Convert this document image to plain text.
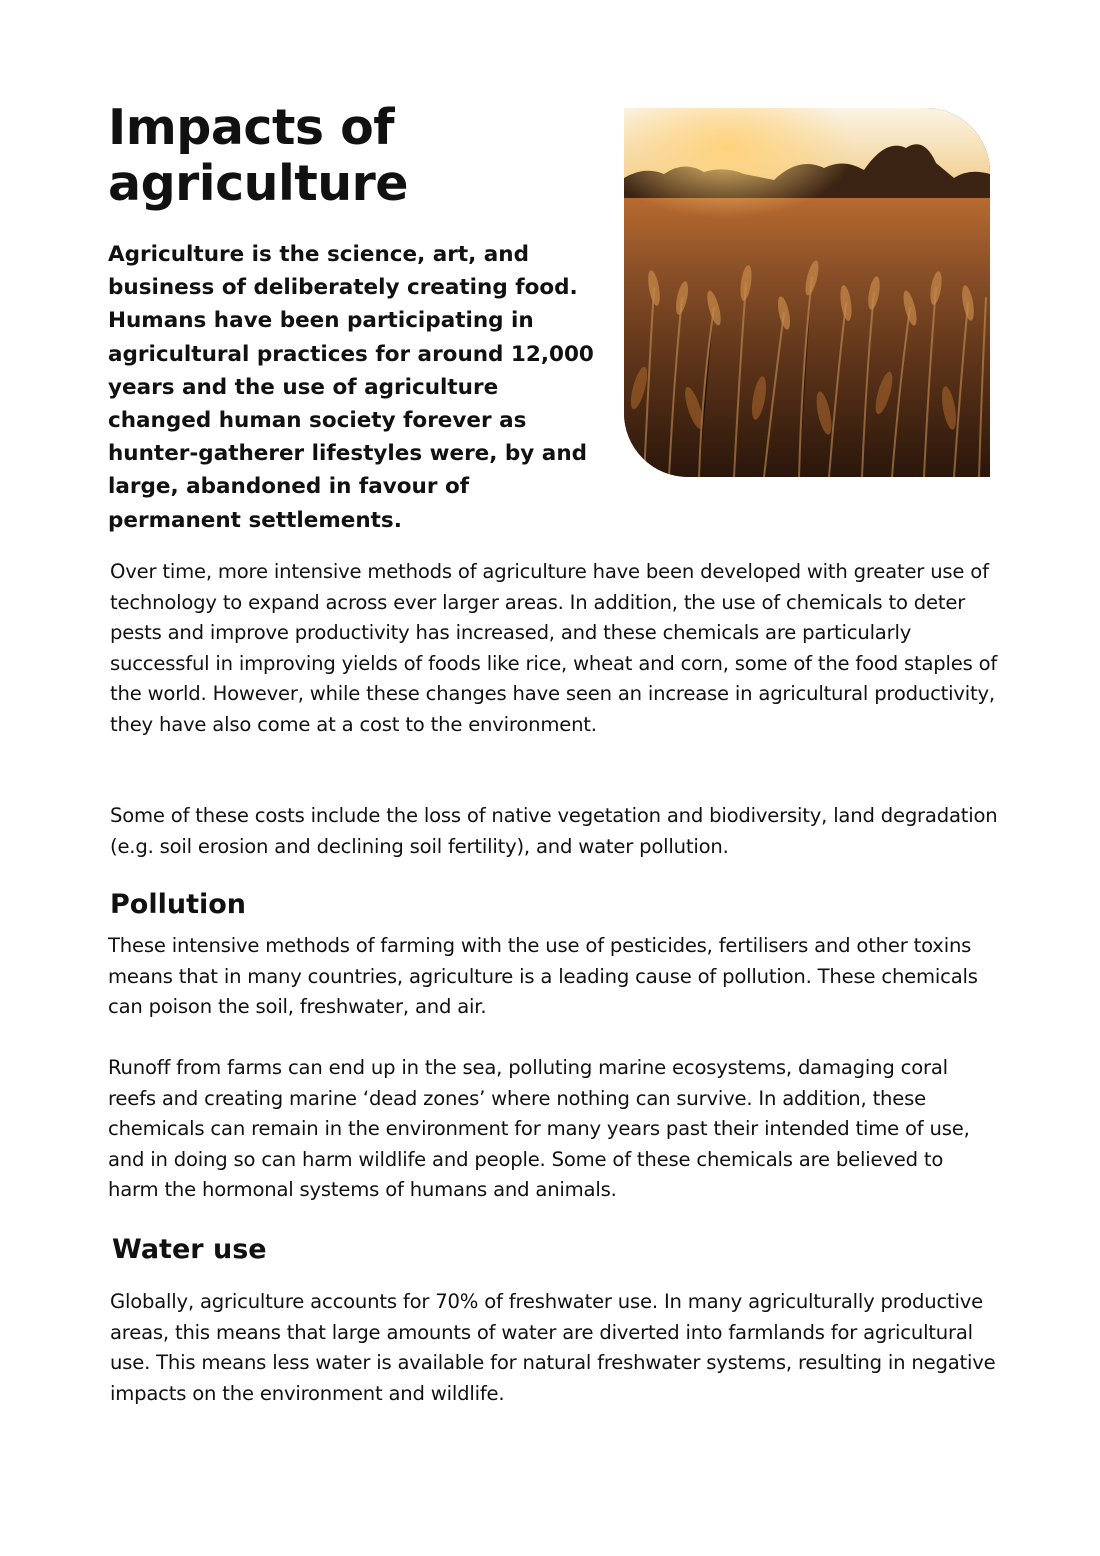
Impacts of agriculture

Agriculture is the science, art, and business of deliberately creating food. Humans have been participating in agricultural practices for around 12,000 years and the use of agriculture changed human society forever as hunter-gatherer lifestyles were, by and large, abandoned in favour of permanent settlements.

Over time, more intensive methods of agriculture have been developed with greater use of technology to expand across ever larger areas. In addition, the use of chemicals to deter pests and improve productivity has increased, and these chemicals are particularly successful in improving yields of foods like rice, wheat and corn, some of the food staples of the world. However, while these changes have seen an increase in agricultural productivity, they have also come at a cost to the environment.

Some of these costs include the loss of native vegetation and biodiversity, land degradation (e.g. soil erosion and declining soil fertility), and water pollution.

Pollution

These intensive methods of farming with the use of pesticides, fertilisers and other toxins means that in many countries, agriculture is a leading cause of pollution. These chemicals can poison the soil, freshwater, and air.

Runoff from farms can end up in the sea, polluting marine ecosystems, damaging coral reefs and creating marine ‘dead zones’ where nothing can survive. In addition, these chemicals can remain in the environment for many years past their intended time of use, and in doing so can harm wildlife and people. Some of these chemicals are believed to harm the hormonal systems of humans and animals.

Water use

Globally, agriculture accounts for 70% of freshwater use. In many agriculturally productive areas, this means that large amounts of water are diverted into farmlands for agricultural use. This means less water is available for natural freshwater systems, resulting in negative impacts on the environment and wildlife.
